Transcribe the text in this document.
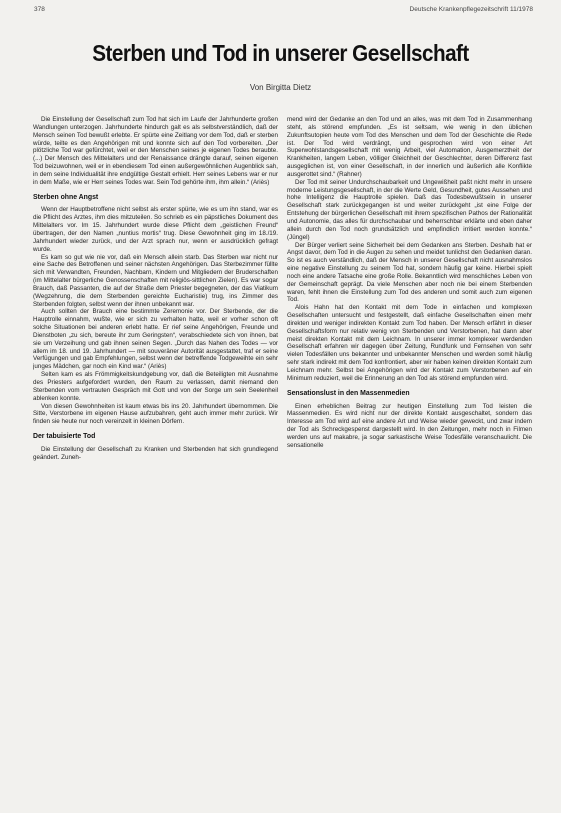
378	Deutsche Krankenpflegezeitschrift 11/1978
Sterben und Tod in unserer Gesellschaft
Von Birgitta Dietz

Die Einstellung der Gesellschaft zum Tod hat sich im Laufe der Jahrhunderte großen Wandlungen unterzogen. Jahrhunderte hindurch galt es als selbstverständlich, daß der Mensch seinen Tod bewußt erlebte. Er spürte eine Zeitlang vor dem Tod, daß er sterben würde, teilte es den Angehörigen mit und konnte sich auf den Tod vorbereiten. „Der plötzliche Tod war gefürchtet, weil er den Menschen seines je eigenen Todes beraubte. (...) Der Mensch des Mittelalters und der Renaissance drängte darauf, seinen eigenen Tod beizuwohnen, weil er in ebendiesem Tod einen außergewöhnlichen Augenblick sah, in dem seine Individualität ihre endgültige Gestalt erhielt. Herr seines Lebens war er nur in dem Maße, wie er Herr seines Todes war. Sein Tod gehörte ihm, ihm allein.“ (Ariès)

Sterben ohne Angst

Wenn der Hauptbetroffene nicht selbst als erster spürte, wie es um ihn stand, war es die Pflicht des Arztes, ihm dies mitzuteilen. So schrieb es ein päpstliches Dokument des Mittelalters vor. Im 15. Jahrhundert wurde diese Pflicht dem „geistlichen Freund“ übertragen, der den Namen „nuntius mortis“ trug. Diese Gewohnheit ging im 18./19. Jahrhundert wieder zurück, und der Arzt sprach nur, wenn er ausdrücklich gefragt wurde.

Es kam so gut wie nie vor, daß ein Mensch allein starb. Das Sterben war nicht nur eine Sache des Betroffenen und seiner nächsten Angehörigen. Das Sterbezimmer füllte sich mit Verwandten, Freunden, Nachbarn, Kindern und Mitgliedern der Bruderschaften (im Mittelalter bürgerliche Genossenschaften mit religiös-sittlichen Zielen). Es war sogar Brauch, daß Passanten, die auf der Straße dem Priester begegneten, der das Viatikum (Wegzehrung, die dem Sterbenden gereichte Eucharistie) trug, ins Zimmer des Sterbenden folgten, selbst wenn der ihnen unbekannt war.

Auch sollten der Brauch eine bestimmte Zeremonie vor. Der Sterbende, der die Hauptrolle einnahm, wußte, wie er sich zu verhalten hatte, weil er vorher schon oft solche Situationen bei anderen erlebt hatte. Er rief seine Angehörigen, Freunde und Dienstboten „zu sich, bereute ihr zum Geringsten“, verabschiedete sich von ihnen, bat sie um Verzeihung und gab ihnen seinen Segen. „Durch das Nahen des Todes — vor allem im 18. und 19. Jahrhundert — mit souveräner Autorität ausgestattet, traf er seine Verfügungen und gab Empfehlungen, selbst wenn der betreffende Todgeweihte ein sehr junges Mädchen, gar noch ein Kind war.“ (Ariès)

Selten kam es als Frömmigkeitskundgebung vor, daß die Beteiligten mit Ausnahme des Priesters aufgefordert wurden, den Raum zu verlassen, damit niemand den Sterbenden vom vertrauten Gespräch mit Gott und von der Sorge um sein Seelenheil ablenken konnte.

Von diesen Gewohnheiten ist kaum etwas bis ins 20. Jahrhundert übernommen. Die Sitte, Verstorbene im eigenen Hause aufzubahren, geht auch immer mehr zurück. Wir finden sie heute nur noch vereinzelt in kleinen Dörfern.

Der tabuisierte Tod

Die Einstellung der Gesellschaft zu Kranken und Sterbenden hat sich grundlegend geändert. Zuneh-

mend wird der Gedanke an den Tod und an alles, was mit dem Tod in Zusammenhang steht, als störend empfunden. „Es ist seltsam, wie wenig in den üblichen Zukunftsutopien heute vom Tod des Menschen und dem Tod der Geschichte die Rede ist. Der Tod wird verdrängt, und gesprochen wird von einer Art Superwohlstandsgesellschaft mit wenig Arbeit, viel Automation, Ausgemerztheit der Krankheiten, langem Leben, völliger Gleichheit der Geschlechter, deren Differenz fast ausgeglichen ist, von einer Gesellschaft, in der innerlich und äußerlich alle Konflikte ausgerottet sind.“ (Rahner)

Der Tod mit seiner Undurchschaubarkeit und Ungewißheit paßt nicht mehr in unsere moderne Leistungsgesellschaft, in der die Werte Geld, Gesundheit, gutes Aussehen und hohe Intelligenz die Hauptrolle spielen. Daß das Todesbewußtsein in unserer Gesellschaft stark zurückgegangen ist und weiter zurückgeht „ist eine Folge der Entstehung der bürgerlichen Gesellschaft mit ihrem spezifischen Pathos der Rationalität und Autonomie, das alles für durchschaubar und beherrschbar erklärte und eben daher allein durch den Tod noch grundsätzlich und empfindlich irritiert werden konnte.“ (Jüngel)

Der Bürger verliert seine Sicherheit bei dem Gedanken ans Sterben. Deshalb hat er Angst davor, dem Tod in die Augen zu sehen und meidet tunlichst den Gedanken daran. So ist es auch verständlich, daß der Mensch in unserer Gesellschaft nicht ausnahmslos eine negative Einstellung zu seinem Tod hat, sondern häufig gar keine. Hierbei spielt noch eine andere Tatsache eine große Rolle. Bekanntlich wird menschliches Leben von der Gemeinschaft geprägt. Da viele Menschen aber noch nie bei einem Sterbenden waren, fehlt ihnen die Einstellung zum Tod des anderen und somit auch zum eigenen Tod.

Alois Hahn hat den Kontakt mit dem Tode in einfachen und komplexen Gesellschaften untersucht und festgestellt, daß einfache Gesellschaften einen mehr direkten und weniger indirekten Kontakt zum Tod haben. Der Mensch erfährt in dieser Gesellschaftsform nur relativ wenig von Sterbenden und Verstorbenen, hat dann aber meist direkten Kontakt mit dem Leichnam. In unserer immer komplexer werdenden Gesellschaft erfahren wir dagegen über Zeitung, Rundfunk und Fernsehen von sehr vielen Todesfällen uns bekannter und unbekannter Menschen und werden somit häufig sehr stark indirekt mit dem Tod konfrontiert, aber wir haben keinen direkten Kontakt zum Leichnam mehr. Selbst bei Angehörigen wird der Kontakt zum Verstorbenen auf ein Minimum reduziert, weil die Erinnerung an den Tod als störend empfunden wird.

Sensationslust in den Massenmedien

Einen erheblichen Beitrag zur heutigen Einstellung zum Tod leisten die Massenmedien. Es wird nicht nur der direkte Kontakt ausgeschaltet, sondern das Interesse am Tod wird auf eine andere Art und Weise wieder geweckt, und zwar indem der Tod als Schreckgespenst dargestellt wird. In den Zeitungen, mehr noch in Filmen werden uns auf makabre, ja sogar sarkastische Weise Todesfälle veranschaulicht. Die sensationelle
